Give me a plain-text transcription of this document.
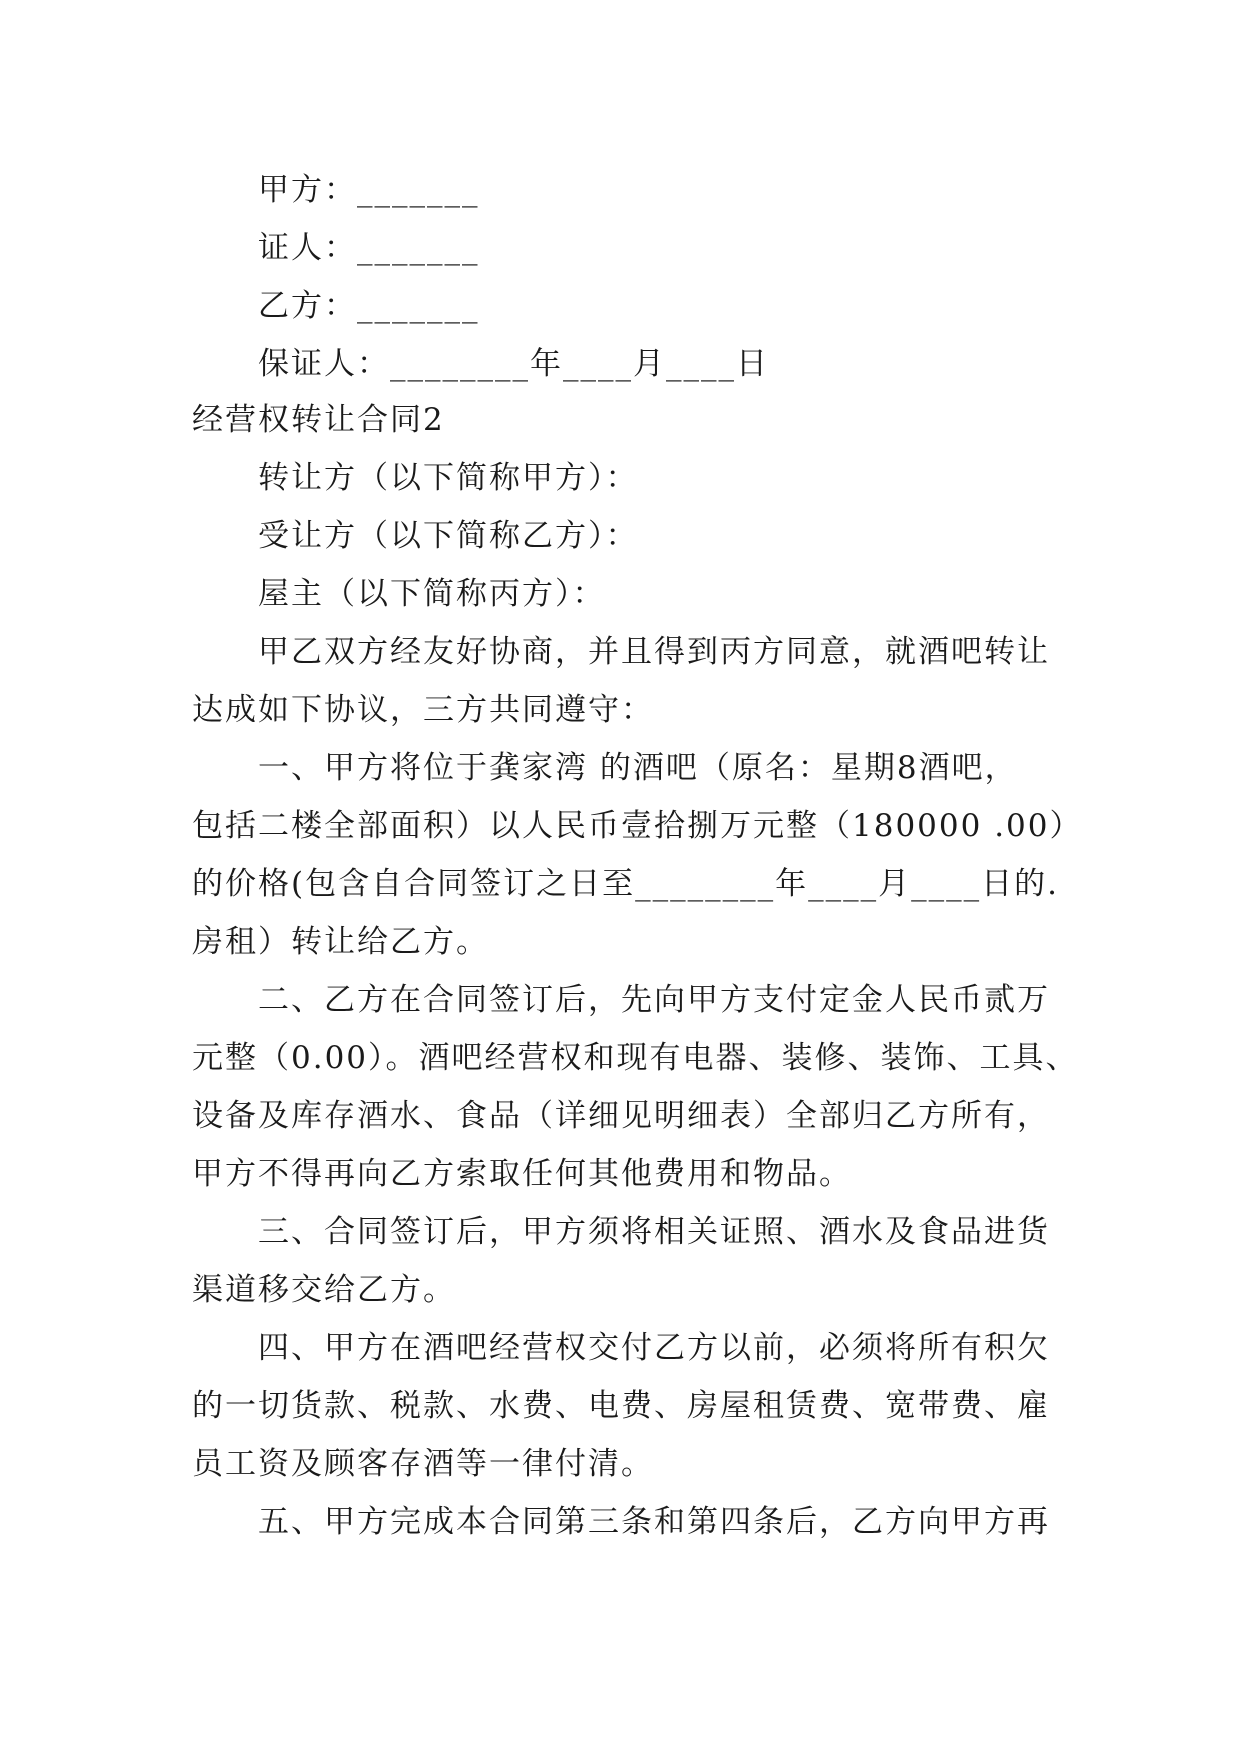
甲方：_______
证人：_______
乙方：_______
保证人：________年____月____日
经营权转让合同2
转让方（以下简称甲方）：
受让方（以下简称乙方）：
屋主（以下简称丙方）：
甲乙双方经友好协商，并且得到丙方同意，就酒吧转让
达成如下协议，三方共同遵守：
一、甲方将位于龚家湾 的酒吧（原名：星期8酒吧，
包括二楼全部面积）以人民币壹拾捌万元整（180000 .00）
的价格(包含自合同签订之日至________年____月____日的.
房租）转让给乙方。
二、乙方在合同签订后，先向甲方支付定金人民币贰万
元整（0.00）。酒吧经营权和现有电器、装修、装饰、工具、
设备及库存酒水、食品（详细见明细表）全部归乙方所有，
甲方不得再向乙方索取任何其他费用和物品。
三、合同签订后，甲方须将相关证照、酒水及食品进货
渠道移交给乙方。
四、甲方在酒吧经营权交付乙方以前，必须将所有积欠
的一切货款、税款、水费、电费、房屋租赁费、宽带费、雇
员工资及顾客存酒等一律付清。
五、甲方完成本合同第三条和第四条后，乙方向甲方再
